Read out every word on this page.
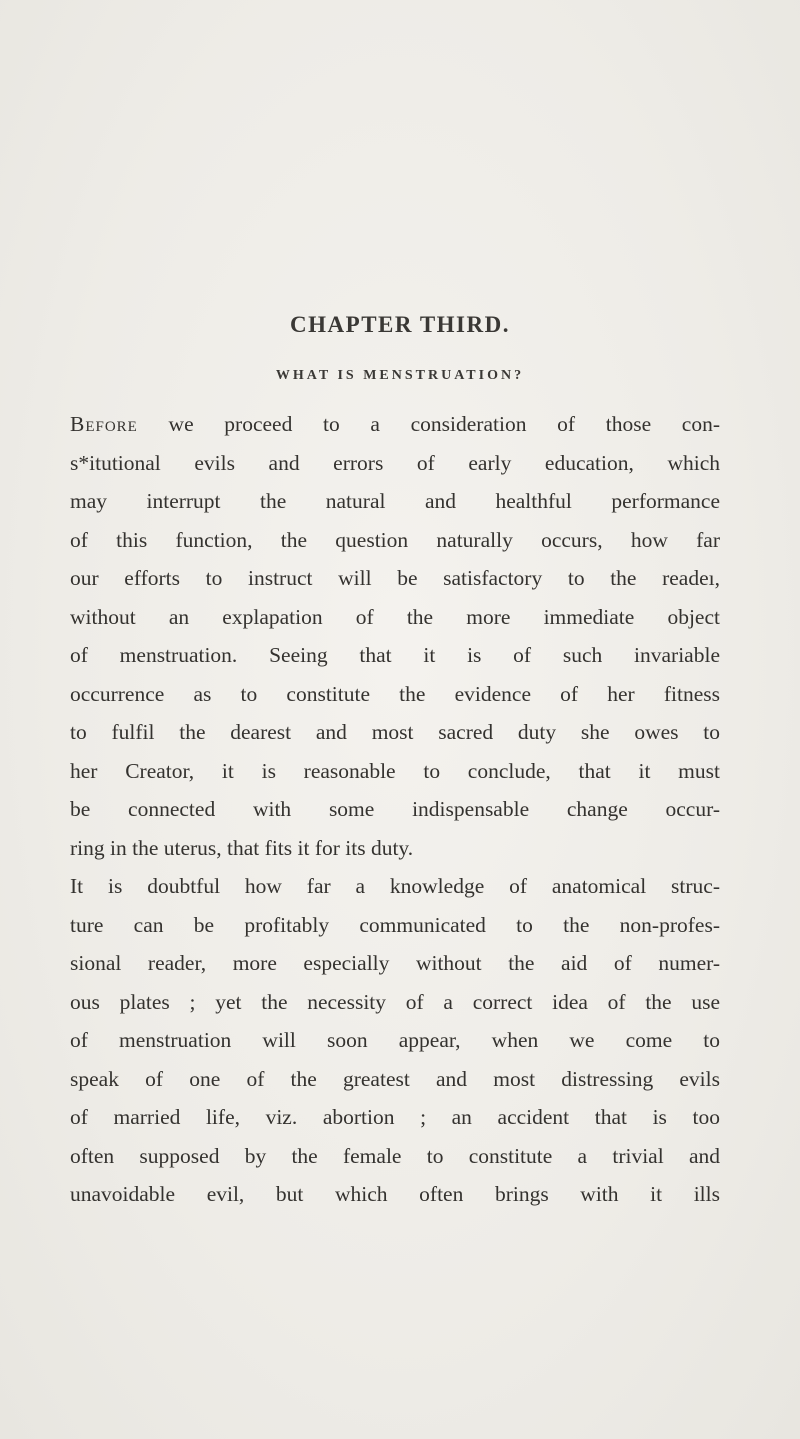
CHAPTER THIRD.
WHAT IS MENSTRUATION?
Before we proceed to a consideration of those con-
s*itutional evils and errors of early education, which
may interrupt the natural and healthful performance
of this function, the question naturally occurs, how far
our efforts to instruct will be satisfactory to the readeı,
without an explapation of the more immediate object
of menstruation. Seeing that it is of such invariable
occurrence as to constitute the evidence of her fitness
to fulfil the dearest and most sacred duty she owes to
her Creator, it is reasonable to conclude, that it must
be connected with some indispensable change occur-
ring in the uterus, that fits it for its duty.
It is doubtful how far a knowledge of anatomical struc-
ture can be profitably communicated to the non-profes-
sional reader, more especially without the aid of numer-
ous plates ; yet the necessity of a correct idea of the use
of menstruation will soon appear, when we come to
speak of one of the greatest and most distressing evils
of married life, viz. abortion ; an accident that is too
often supposed by the female to constitute a trivial and
unavoidable evil, but which often brings with it ills
